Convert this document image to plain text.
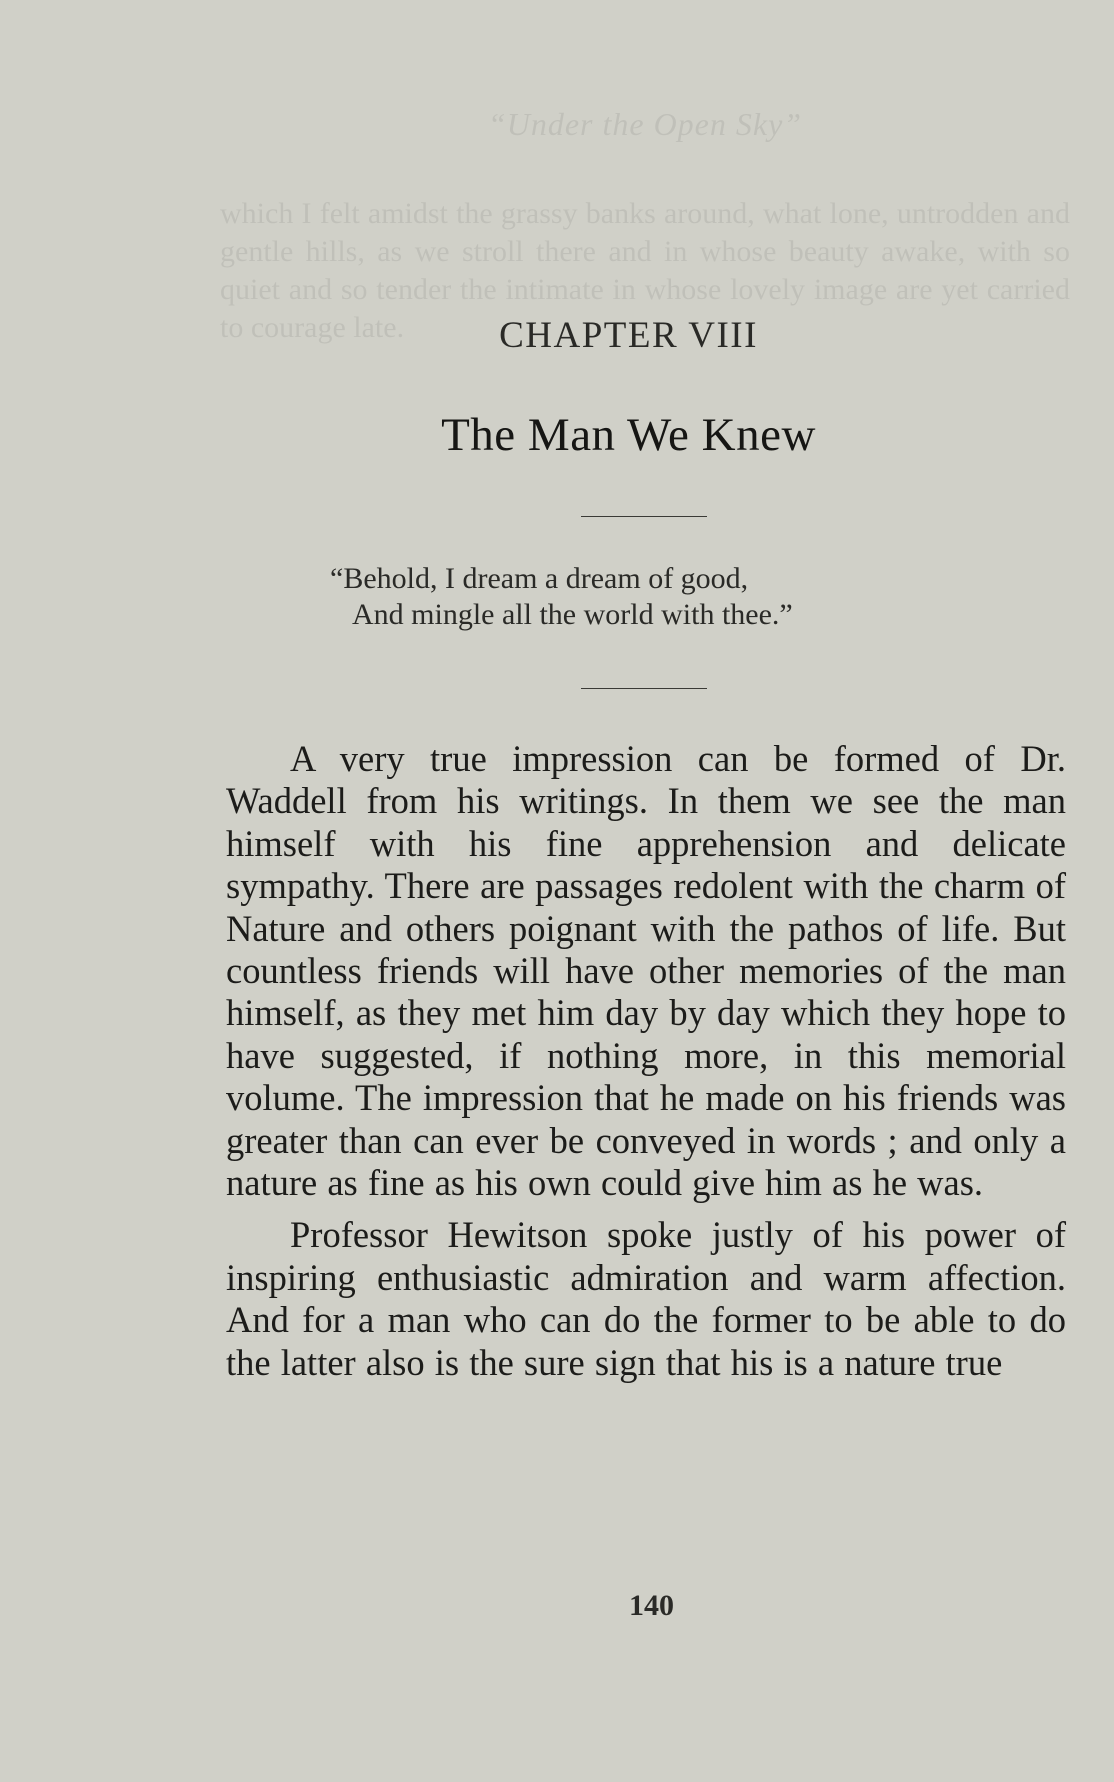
“Under the Open Sky”
which I felt amidst the grassy banks around, what lone, untrodden and gentle hills, as we stroll there and in whose beauty awake, with so quiet and so tender the intimate in whose lovely image are yet carried to courage late.	CHAPTER VIII
The Man We Knew
“Behold, I dream a dream of good,
And mingle all the world with thee.”

A very true impression can be formed of Dr. Waddell from his writings. In them we see the man himself with his fine apprehension and delicate sympathy. There are passages redolent with the charm of Nature and others poignant with the pathos of life. But countless friends will have other memories of the man himself, as they met him day by day which they hope to have suggested, if nothing more, in this memorial volume. The impression that he made on his friends was greater than can ever be conveyed in words ; and only a nature as fine as his own could give him as he was.

Professor Hewitson spoke justly of his power of inspiring enthusiastic admiration and warm affection. And for a man who can do the former to be able to do the latter also is the sure sign that his is a nature true

140
